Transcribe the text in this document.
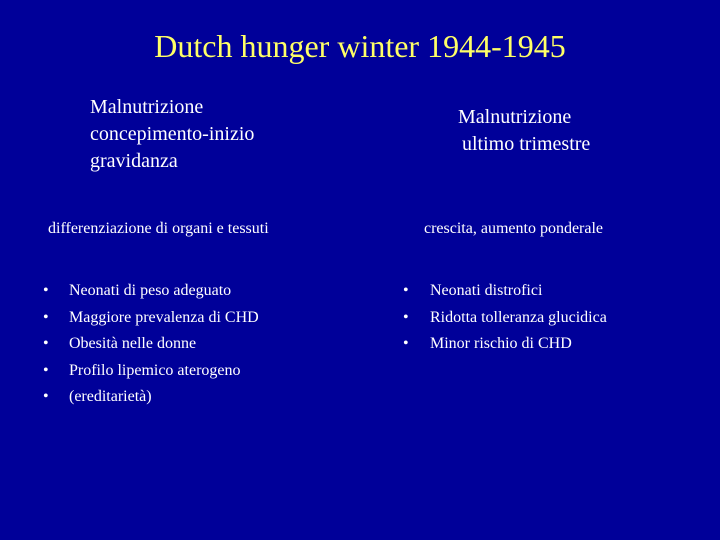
Dutch hunger winter 1944-1945
Malnutrizione
concepimento-inizio
gravidanza
Malnutrizione
ultimo trimestre
differenziazione di organi e tessuti	crescita, aumento ponderale
• Neonati di peso adeguato
• Maggiore prevalenza di CHD
• Obesità nelle donne
• Profilo lipemico aterogeno
• (ereditarietà)
• Neonati distrofici
• Ridotta tolleranza glucidica
• Minor rischio di CHD
